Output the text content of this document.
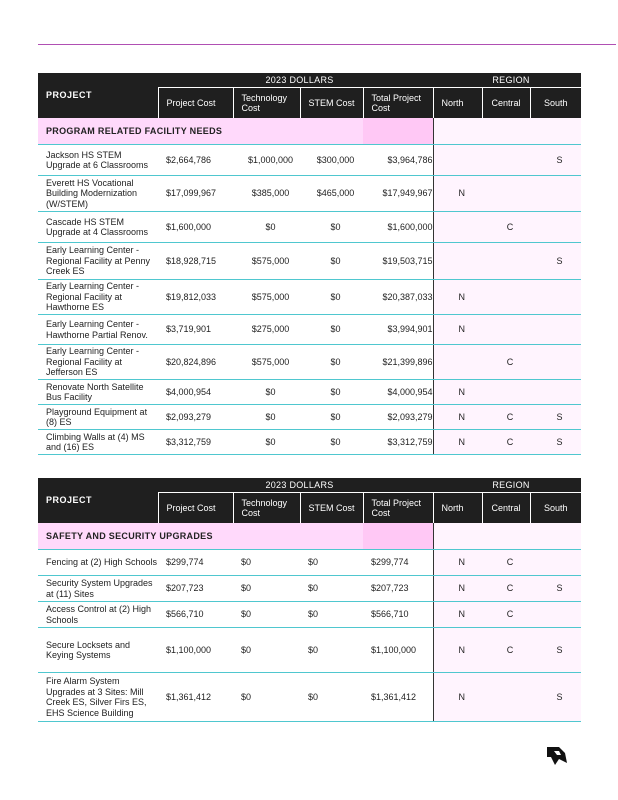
PROJECT	2023 DOLLARS				REGION		
	Project Cost	Technology Cost	STEM Cost	Total Project Cost	North	Central	South
PROGRAM RELATED FACILITY NEEDS							
Jackson HS STEM Upgrade at 6 Classrooms	$2,664,786	$1,000,000	$300,000	$3,964,786			S
Everett HS Vocational Building Modernization (W/STEM)	$17,099,967	$385,000	$465,000	$17,949,967	N		
Cascade HS STEM Upgrade at 4 Classrooms	$1,600,000	$0	$0	$1,600,000		C	
Early Learning Center - Regional Facility at Penny Creek ES	$18,928,715	$575,000	$0	$19,503,715			S
Early Learning Center - Regional Facility at Hawthorne ES	$19,812,033	$575,000	$0	$20,387,033	N		
Early Learning Center - Hawthorne Partial Renov.	$3,719,901	$275,000	$0	$3,994,901	N		
Early Learning Center - Regional Facility at Jefferson ES	$20,824,896	$575,000	$0	$21,399,896		C	
Renovate North Satellite Bus Facility	$4,000,954	$0	$0	$4,000,954	N		
Playground Equipment at (8) ES	$2,093,279	$0	$0	$2,093,279	N	C	S
Climbing Walls at (4) MS and (16) ES	$3,312,759	$0	$0	$3,312,759	N	C	S
PROJECT	2023 DOLLARS				REGION		
	Project Cost	Technology Cost	STEM Cost	Total Project Cost	North	Central	South
SAFETY AND SECURITY UPGRADES							
Fencing at (2) High Schools	$299,774	$0	$0	$299,774	N	C	
Security System Upgrades at (11) Sites	$207,723	$0	$0	$207,723	N	C	S
Access Control at (2) High Schools	$566,710	$0	$0	$566,710	N	C	
Secure Locksets and Keying Systems	$1,100,000	$0	$0	$1,100,000	N	C	S
Fire Alarm System Upgrades at 3 Sites: Mill Creek ES, Silver Firs ES, EHS Science Building	$1,361,412	$0	$0	$1,361,412	N		S
